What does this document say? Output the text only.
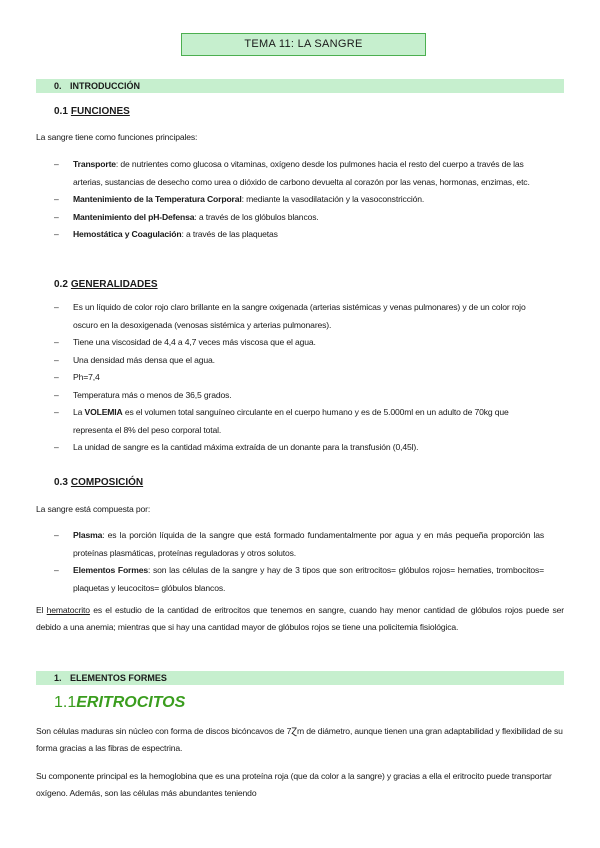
TEMA 11: LA SANGRE
0. INTRODUCCIÓN
0.1 FUNCIONES
La sangre tiene como funciones principales:
– Transporte: de nutrientes como glucosa o vitaminas, oxígeno desde los pulmones hacia el resto del cuerpo a través de las arterias, sustancias de desecho como urea o dióxido de carbono devuelta al corazón por las venas, hormonas, enzimas, etc.
– Mantenimiento de la Temperatura Corporal: mediante la vasodilatación y la vasoconstricción.
– Mantenimiento del pH-Defensa: a través de los glóbulos blancos.
– Hemostática y Coagulación: a través de las plaquetas
0.2 GENERALIDADES
– Es un líquido de color rojo claro brillante en la sangre oxigenada (arterias sistémicas y venas pulmonares) y de un color rojo oscuro en la desoxigenada (venosas sistémica y arterias pulmonares).
– Tiene una viscosidad de 4,4 a 4,7 veces más viscosa que el agua.
– Una densidad más densa que el agua.
– Ph=7,4
– Temperatura más o menos de 36,5 grados.
– La VOLEMIA es el volumen total sanguíneo circulante en el cuerpo humano y es de 5.000ml en un adulto de 70kg que representa el 8% del peso corporal total.
– La unidad de sangre es la cantidad máxima extraída de un donante para la transfusión (0,45l).
0.3 COMPOSICIÓN
La sangre está compuesta por:
– Plasma: es la porción líquida de la sangre que está formado fundamentalmente por agua y en más pequeña proporción las proteínas plasmáticas, proteínas reguladoras y otros solutos.
– Elementos Formes: son las células de la sangre y hay de 3 tipos que son eritrocitos= glóbulos rojos= hematies, trombocitos= plaquetas y leucocitos= glóbulos blancos.
El hematocrito es el estudio de la cantidad de eritrocitos que tenemos en sangre, cuando hay menor cantidad de glóbulos rojos puede ser debido a una anemia; mientras que si hay una cantidad mayor de glóbulos rojos se tiene una policitemia fisiológica.
1. ELEMENTOS FORMES
1.1ERITROCITOS
Son células maduras sin núcleo con forma de discos bicóncavos de 7Ɀm de diámetro, aunque tienen una gran adaptabilidad y flexibilidad de su forma gracias a las fibras de espectrina.
Su componente principal es la hemoglobina que es una proteína roja (que da color a la sangre) y gracias a ella el eritrocito puede transportar oxígeno. Además, son las células más abundantes teniendo
